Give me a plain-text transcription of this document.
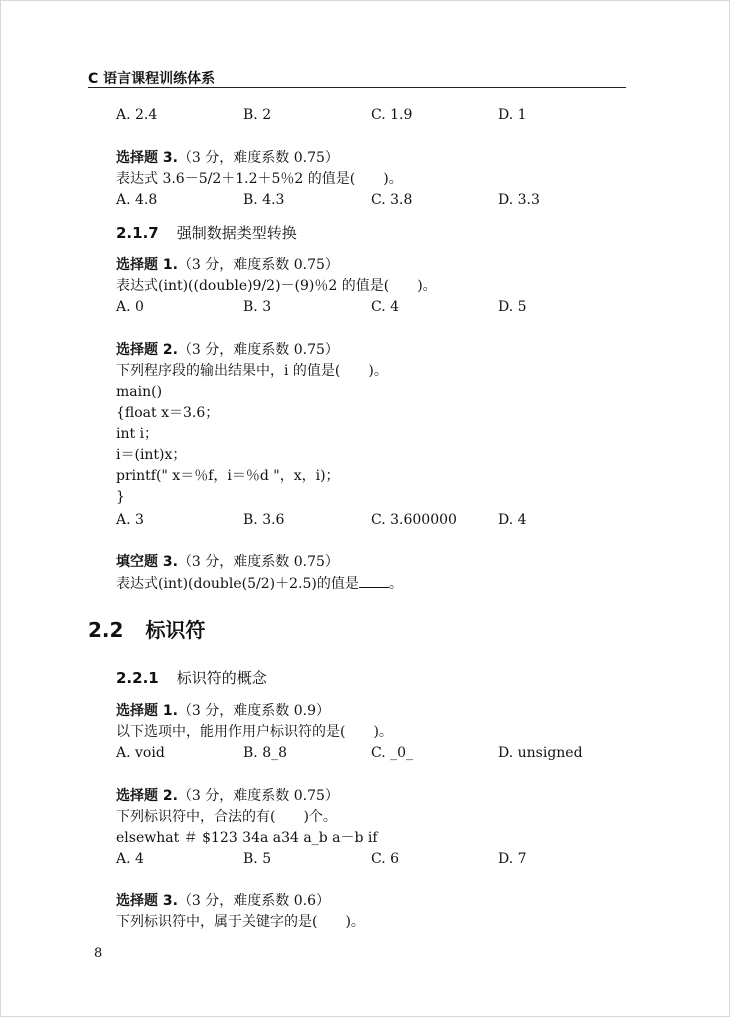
C 语言课程训练体系
A. 2.4	B. 2	C. 1.9	D. 1
选择题 3.（3 分，难度系数 0.75）
表达式 3.6－5/2＋1.2＋5％2 的值是(　　)。
A. 4.8	B. 4.3	C. 3.8	D. 3.3
2.1.7 强制数据类型转换
选择题 1.（3 分，难度系数 0.75）
表达式(int)((double)9/2)－(9)％2 的值是(　　)。
A. 0	B. 3	C. 4	D. 5
选择题 2.（3 分，难度系数 0.75）
下列程序段的输出结果中，i 的值是(　　)。
main()
{float x＝3.6；
int i；
i＝(int)x；
printf(" x＝％f，i＝％d "，x，i)；
}
A. 3	B. 3.6	C. 3.600000	D. 4
填空题 3.（3 分，难度系数 0.75）
表达式(int)(double(5/2)＋2.5)的值是 。
2.2 标识符
2.2.1 标识符的概念
选择题 1.（3 分，难度系数 0.9）
以下选项中，能用作用户标识符的是(　　)。
A. void	B. 8_8	C. _0_	D. unsigned
选择题 2.（3 分，难度系数 0.75）
下列标识符中，合法的有(　　)个。
elsewhat ＃ $123 34a a34 a_b a－b if
A. 4	B. 5	C. 6	D. 7
选择题 3.（3 分，难度系数 0.6）
下列标识符中，属于关键字的是(　　)。
8
